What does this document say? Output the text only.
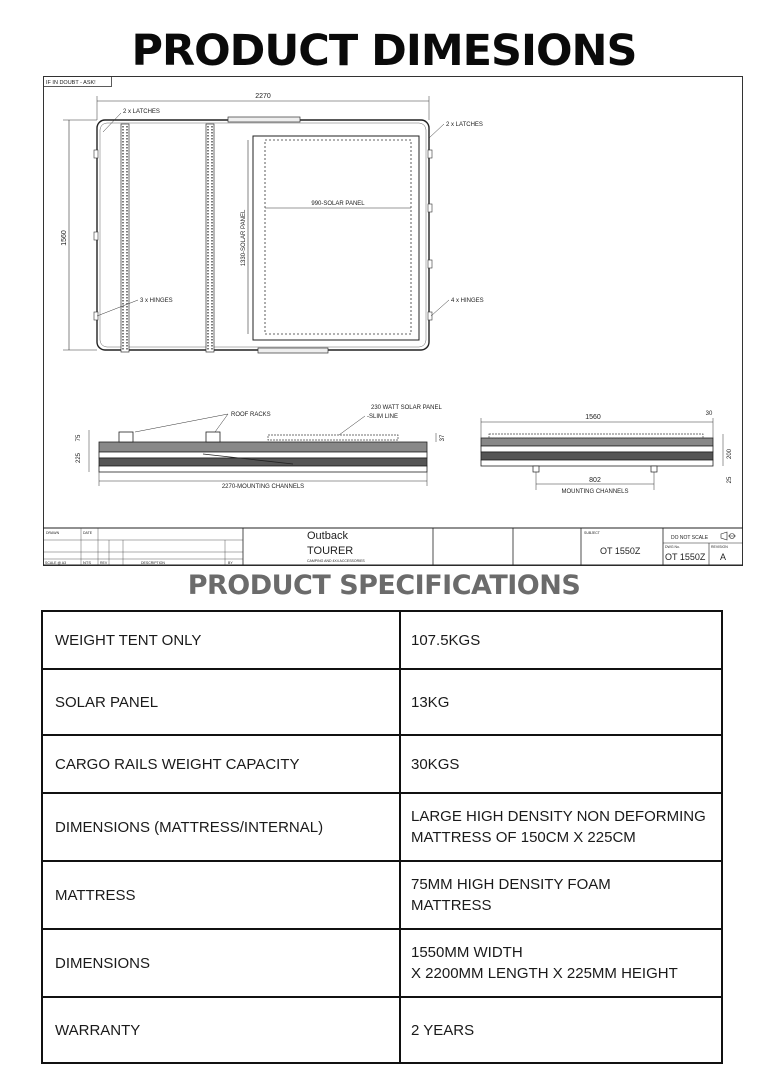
PRODUCT DIMESIONS
IF IN DOUBT - ASK!
2270
1560
990-SOLAR PANEL
1330-SOLAR PANEL
2 x LATCHES
2 x LATCHES
3 x HINGES	4 x HINGES
75
225
37
2270-MOUNTING CHANNELS
ROOF RACKS
230 WATT SOLAR PANEL
-SLIM LINE	1560	30
200
25
802
MOUNTING CHANNELS
DRAWN	DATE
SCALE @ A3	NTS	REV	DESCRIPTION	BY
Outback
TOURER
CAMPING AND 4X4 ACCESSORIES
SUBJECT
OT 1550Z
DO NOT SCALE
DWG No.
OT 1550Z
REVISION
A
PRODUCT SPECIFICATIONS
WEIGHT TENT ONLY	107.5KGS

SOLAR PANEL	13KG

CARGO RAILS WEIGHT CAPACITY	30KGS

DIMENSIONS (MATTRESS/INTERNAL)	LARGE HIGH DENSITY NON DEFORMING
MATTRESS OF 150CM X 225CM

MATTRESS	75MM HIGH DENSITY FOAM
MATTRESS

DIMENSIONS	1550MM WIDTH
X 2200MM LENGTH X 225MM HEIGHT

WARRANTY	2 YEARS
